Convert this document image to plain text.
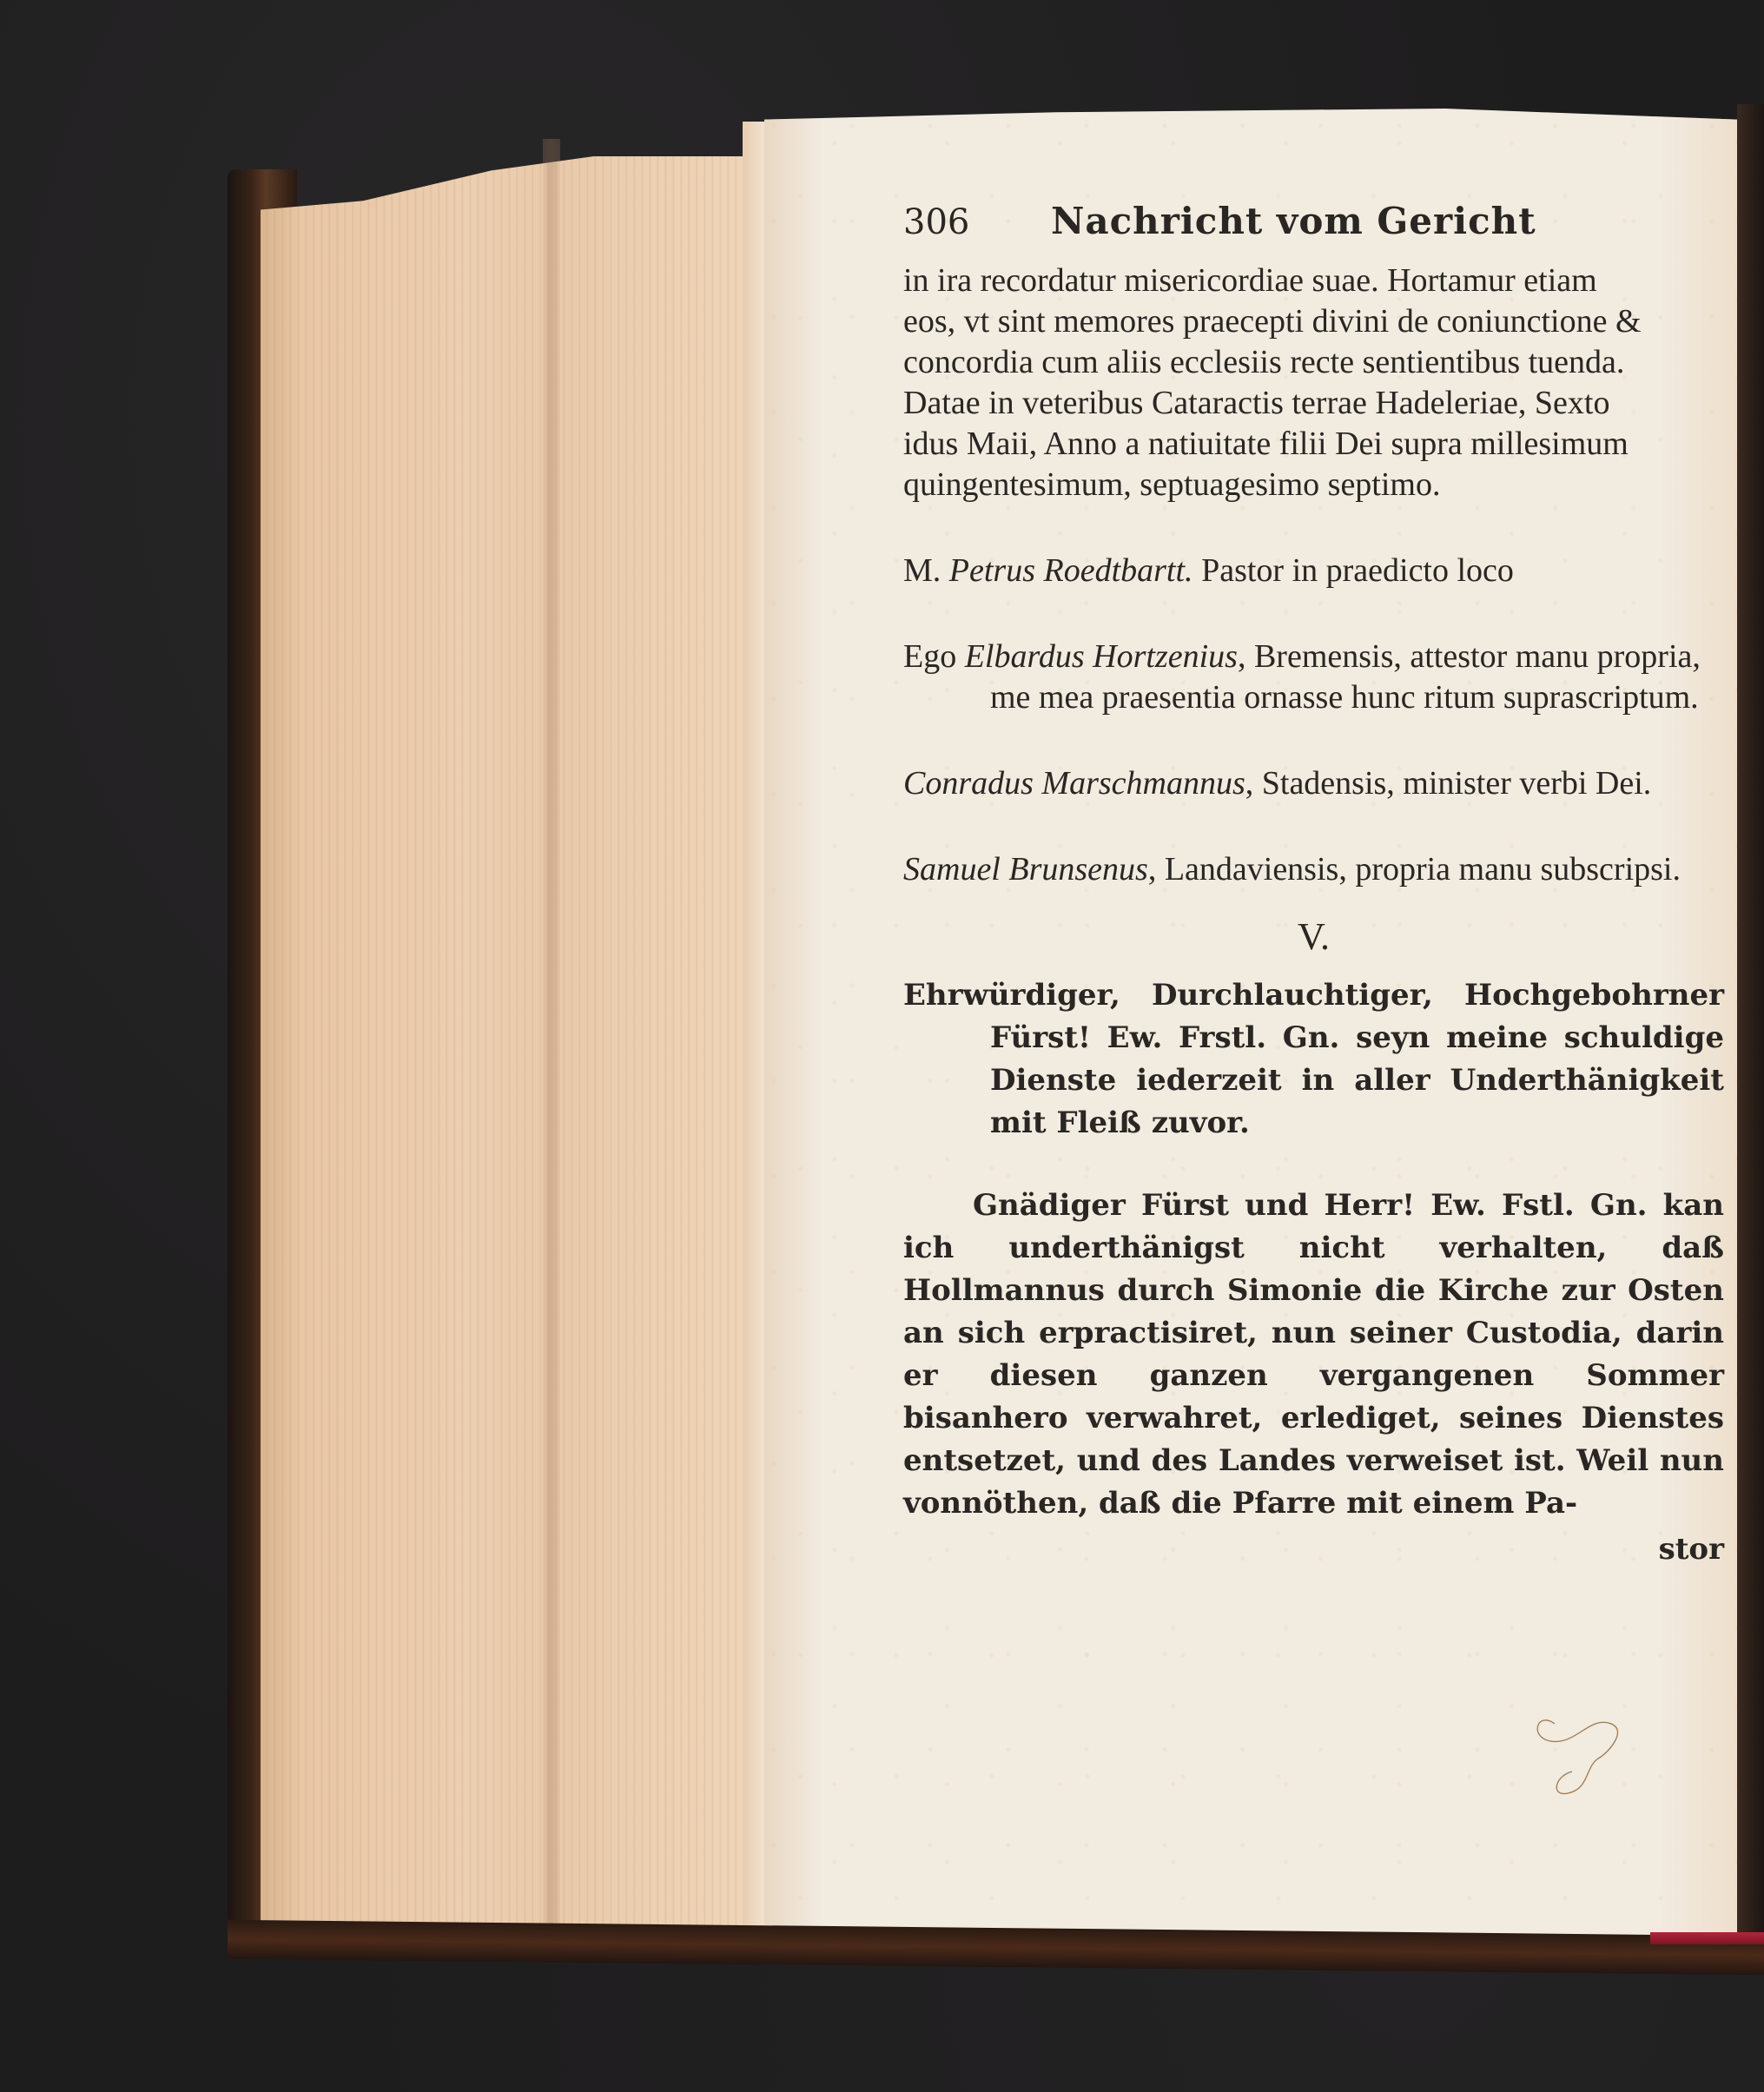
306	Nachricht vom Gericht

in ira recordatur misericordiae suae. Hortamur etiam

eos, vt sint memores praecepti divini de coniunctione &

concordia cum aliis ecclesiis recte sentientibus tuenda.

Datae in veteribus Cataractis terrae Hadeleriae, Sexto

idus Maii, Anno a natiuitate filii Dei supra millesimum

quingentesimum, septuagesimo septimo.

M. Petrus Roedtbartt. Pastor in praedicto loco

Ego Elbardus Hortzenius, Bremensis, attestor manu propria, me mea praesentia ornasse hunc ritum suprascriptum.

Conradus Marschmannus, Stadensis, minister verbi Dei.

Samuel Brunsenus, Landaviensis, propria manu subscripsi.

V.

Ehrwürdiger, Durchlauchtiger, Hochgebohrner Fürst! Ew. Frstl. Gn. seyn meine schuldige Dienste iederzeit in aller Underthänigkeit mit Fleiß zuvor.

Gnädiger Fürst und Herr! Ew. Fstl. Gn. kan ich underthänigst nicht verhalten, daß Hollmannus durch Simonie die Kirche zur Osten an sich erpractisiret, nun seiner Custodia, darin er diesen ganzen vergangenen Sommer bisanhero verwahret, erlediget, seines Dienstes entsetzet, und des Landes verweiset ist. Weil nun vonnöthen, daß die Pfarre mit einem Pa-

stor
